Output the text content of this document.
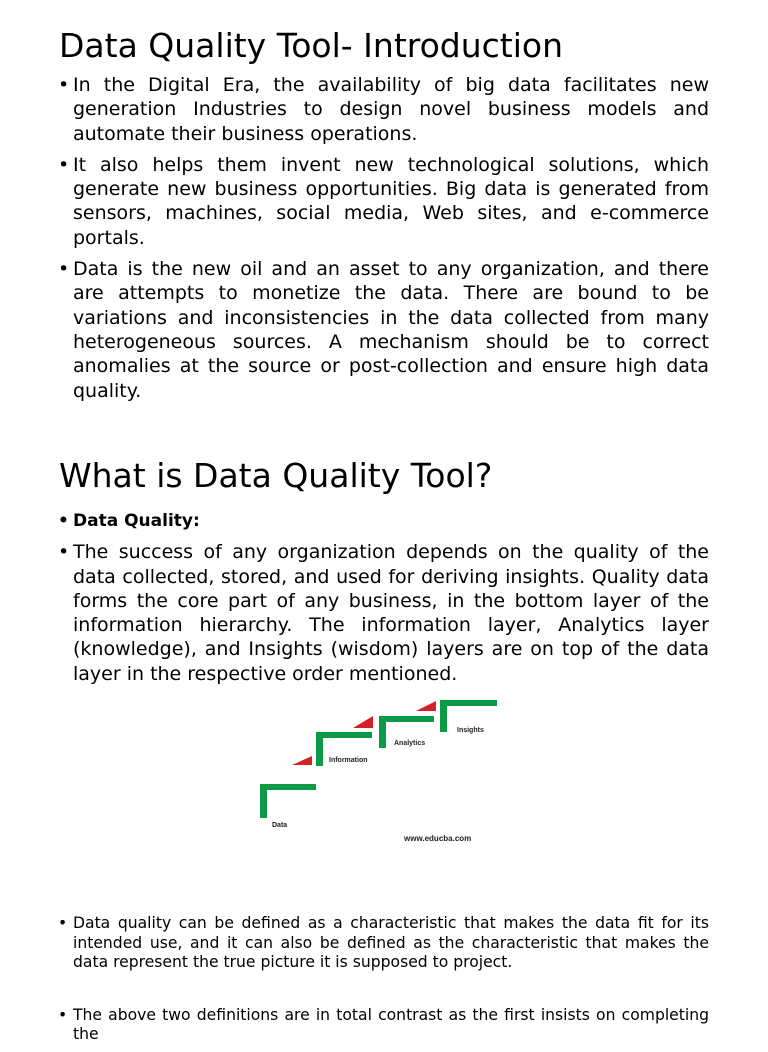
Data Quality Tool- Introduction
• In the Digital Era, the availability of big data facilitates new generation Industries to design novel business models and automate their business operations.
• It also helps them invent new technological solutions, which generate new business opportunities. Big data is generated from sensors, machines, social media, Web sites, and e-commerce portals.
• Data is the new oil and an asset to any organization, and there are attempts to monetize the data. There are bound to be variations and inconsistencies in the data collected from many heterogeneous sources. A mechanism should be to correct anomalies at the source or post-collection and ensure high data quality.
What is Data Quality Tool?
• Data Quality:
• The success of any organization depends on the quality of the data collected, stored, and used for deriving insights. Quality data forms the core part of any business, in the bottom layer of the information hierarchy. The information layer, Analytics layer (knowledge), and Insights (wisdom) layers are on top of the data layer in the respective order mentioned.
Data
Information
Analytics
Insights
www.educba.com
• Data quality can be defined as a characteristic that makes the data fit for its intended use, and it can also be defined as the characteristic that makes the data represent the true picture it is supposed to project.
• The above two definitions are in total contrast as the first insists on completing the
